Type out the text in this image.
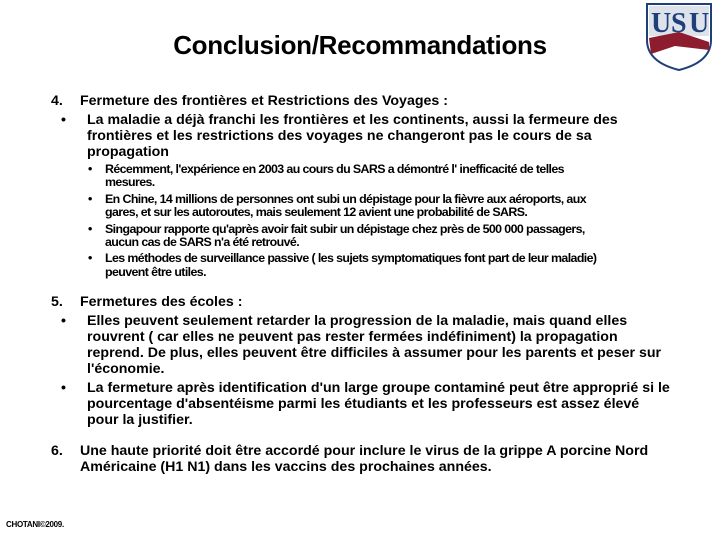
Conclusion/Recommandations
U S U
4. Fermeture des frontières et Restrictions des Voyages :
• La maladie a déjà franchi les frontières et les continents, aussi la fermeure des frontières et les restrictions des voyages ne changeront pas le cours de sa propagation
• Récemment, l'expérience en 2003 au cours du SARS a démontré l' inefficacité de telles mesures.
• En Chine, 14 millions de personnes ont subi un dépistage pour la fièvre aux aéroports, aux gares, et sur les autoroutes, mais seulement 12 avient une probabilité de SARS.
• Singapour rapporte qu'après avoir fait subir un dépistage chez près de 500 000 passagers, aucun cas de SARS n'a été retrouvé.
• Les méthodes de surveillance passive ( les sujets symptomatiques font part de leur maladie) peuvent être utiles.
5. Fermetures des écoles :
• Elles peuvent seulement retarder la progression de la maladie, mais quand elles rouvrent ( car elles ne peuvent pas rester fermées indéfiniment) la propagation reprend. De plus, elles peuvent être difficiles à assumer pour les parents et peser sur l'économie.
• La fermeture après identification d'un large groupe contaminé peut être approprié si le pourcentage d'absentéisme parmi les étudiants et les professeurs est assez élevé pour la justifier.
6. Une haute priorité doit être accordé pour inclure le virus de la grippe A porcine Nord Américaine (H1 N1) dans les vaccins des prochaines années.
CHOTANI©2009.
